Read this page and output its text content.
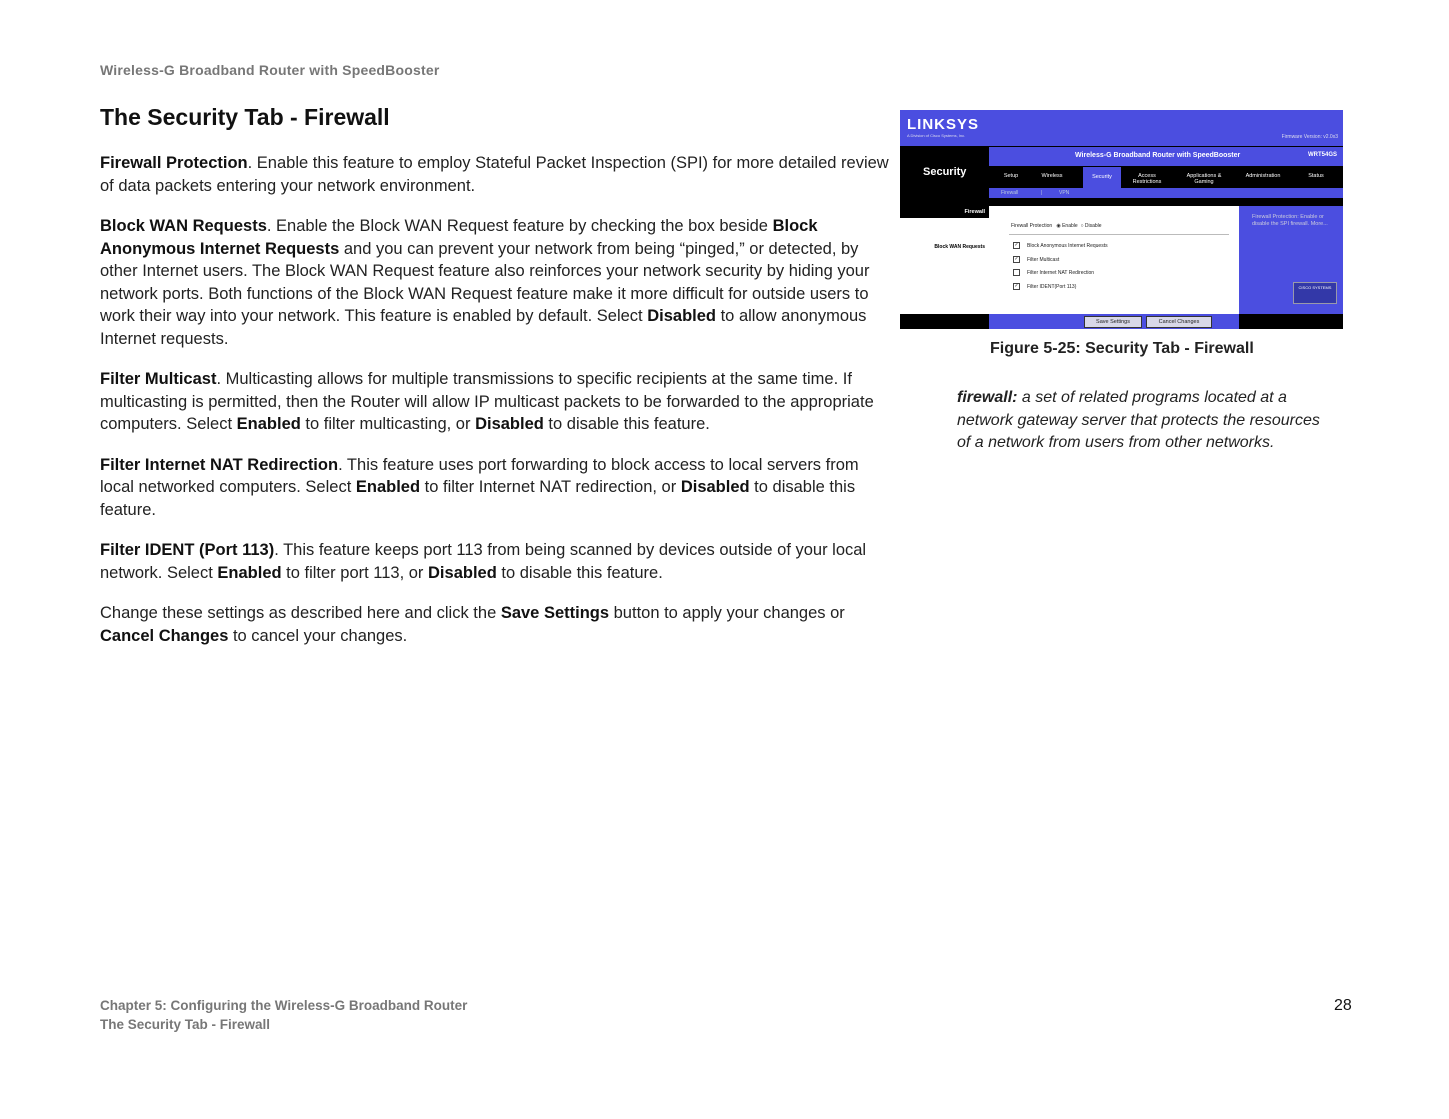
Wireless-G Broadband Router with SpeedBooster
The Security Tab - Firewall

Firewall Protection. Enable this feature to employ Stateful Packet Inspection (SPI) for more detailed review of data packets entering your network environment.

Block WAN Requests. Enable the Block WAN Request feature by checking the box beside Block Anonymous Internet Requests and you can prevent your network from being “pinged,” or detected, by other Internet users. The Block WAN Request feature also reinforces your network security by hiding your network ports. Both functions of the Block WAN Request feature make it more difficult for outside users to work their way into your network. This feature is enabled by default. Select Disabled to allow anonymous Internet requests.

Filter Multicast. Multicasting allows for multiple transmissions to specific recipients at the same time. If multicasting is permitted, then the Router will allow IP multicast packets to be forwarded to the appropriate computers. Select Enabled to filter multicasting, or Disabled to disable this feature.

Filter Internet NAT Redirection. This feature uses port forwarding to block access to local servers from local networked computers. Select Enabled to filter Internet NAT redirection, or Disabled to disable this feature.

Filter IDENT (Port 113). This feature keeps port 113 from being scanned by devices outside of your local network. Select Enabled to filter port 113, or Disabled to disable this feature.

Change these settings as described here and click the Save Settings button to apply your changes or Cancel Changes to cancel your changes.

LINKSYS
A Division of Cisco Systems, Inc.	Firmware Version: v2.0x3
Security
Wireless-G Broadband Router with SpeedBooster	WRT54GS
Setup	Wireless	Security	Access Restrictions
Applications & Gaming
Administration	Status
Firewall	|	VPN
Firewall
Block WAN Requests
Firewall Protection ◉ Enable ○ Disable
✓ Block Anonymous Internet Requests
✓ Filter Multicast
Filter Internet NAT Redirection
✓ Filter IDENT(Port 113)
Firewall Protection: Enable or disable the SPI firewall. More...
CISCO SYSTEMS
Save Settings	Cancel Changes
Figure 5-25: Security Tab - Firewall
firewall: a set of related programs located at a network gateway server that protects the resources of a network from users from other networks.
Chapter 5: Configuring the Wireless-G Broadband Router
The Security Tab - Firewall
28
